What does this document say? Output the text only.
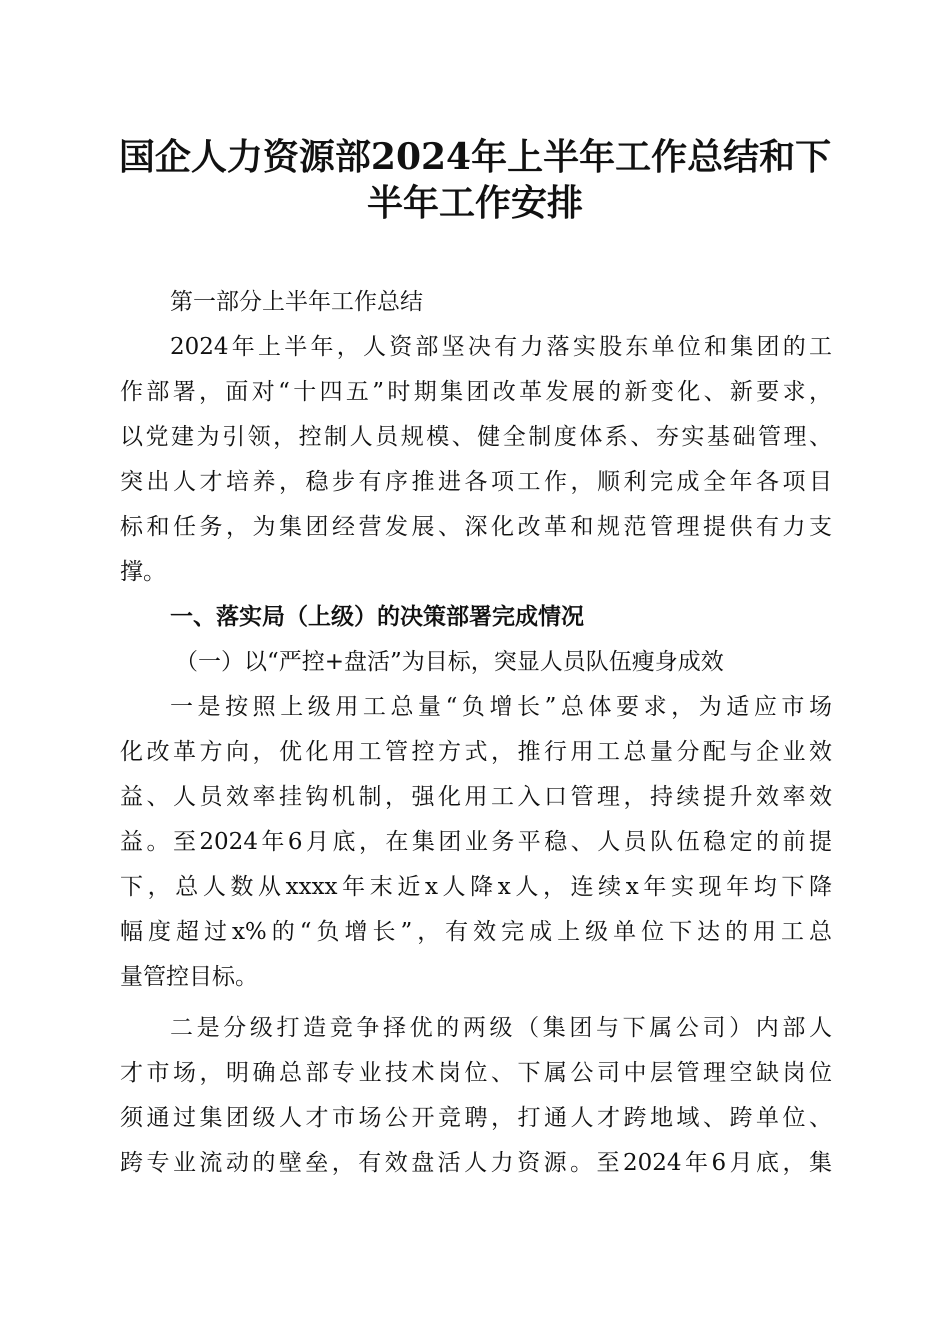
国企人力资源部2024年上半年工作总结和下
半年工作安排
第一部分上半年工作总结
2024年上半年，人资部坚决有力落实股东单位和集团的工
作部署，面对“十四五”时期集团改革发展的新变化、新要求，
以党建为引领，控制人员规模、健全制度体系、夯实基础管理、
突出人才培养，稳步有序推进各项工作，顺利完成全年各项目
标和任务，为集团经营发展、深化改革和规范管理提供有力支
撑。
一、落实局（上级）的决策部署完成情况
（一）以“严控+盘活”为目标，突显人员队伍瘦身成效
一是按照上级用工总量“负增长”总体要求，为适应市场
化改革方向，优化用工管控方式，推行用工总量分配与企业效
益、人员效率挂钩机制，强化用工入口管理，持续提升效率效
益。至2024年6月底，在集团业务平稳、人员队伍稳定的前提
下，总人数从xxxx年末近x人降x人，连续x年实现年均下降
幅度超过x%的“负增长”，有效完成上级单位下达的用工总
量管控目标。
二是分级打造竞争择优的两级（集团与下属公司）内部人
才市场，明确总部专业技术岗位、下属公司中层管理空缺岗位
须通过集团级人才市场公开竞聘，打通人才跨地域、跨单位、
跨专业流动的壁垒，有效盘活人力资源。至2024年6月底，集
